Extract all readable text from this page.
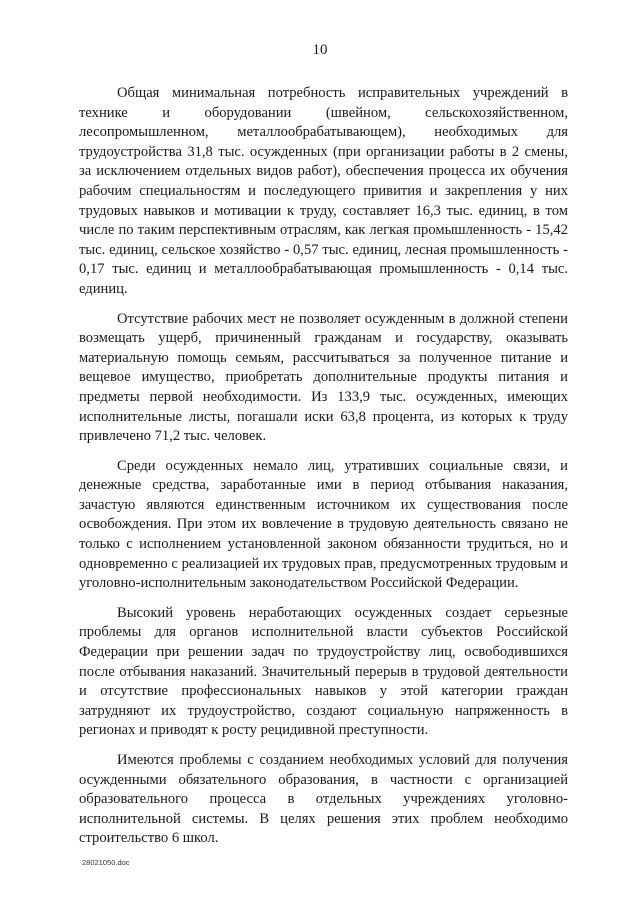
10

Общая минимальная потребность исправительных учреждений в технике и оборудовании (швейном, сельскохозяйственном, лесопромышленном, металлообрабатывающем), необходимых для трудоустройства 31,8 тыс. осужденных (при организации работы в 2 смены, за исключением отдельных видов работ), обеспечения процесса их обучения рабочим специальностям и последующего привития и закрепления у них трудовых навыков и мотивации к труду, составляет 16,3 тыс. единиц, в том числе по таким перспективным отраслям, как легкая промышленность - 15,42 тыс. единиц, сельское хозяйство - 0,57 тыс. единиц, лесная промышленность - 0,17 тыс. единиц и металлообрабатывающая промышленность - 0,14 тыс. единиц.

Отсутствие рабочих мест не позволяет осужденным в должной степени возмещать ущерб, причиненный гражданам и государству, оказывать материальную помощь семьям, рассчитываться за полученное питание и вещевое имущество, приобретать дополнительные продукты питания и предметы первой необходимости. Из 133,9 тыс. осужденных, имеющих исполнительные листы, погашали иски 63,8 процента, из которых к труду привлечено 71,2 тыс. человек.

Среди осужденных немало лиц, утративших социальные связи, и денежные средства, заработанные ими в период отбывания наказания, зачастую являются единственным источником их существования после освобождения. При этом их вовлечение в трудовую деятельность связано не только с исполнением установленной законом обязанности трудиться, но и одновременно с реализацией их трудовых прав, предусмотренных трудовым и уголовно-исполнительным законодательством Российской Федерации.

Высокий уровень неработающих осужденных создает серьезные проблемы для органов исполнительной власти субъектов Российской Федерации при решении задач по трудоустройству лиц, освободившихся после отбывания наказаний. Значительный перерыв в трудовой деятельности и отсутствие профессиональных навыков у этой категории граждан затрудняют их трудоустройство, создают социальную напряженность в регионах и приводят к росту рецидивной преступности.

Имеются проблемы с созданием необходимых условий для получения осужденными обязательного образования, в частности с организацией образовательного процесса в отдельных учреждениях уголовно-исполнительной системы. В целях решения этих проблем необходимо строительство 6 школ.

28021050.doc
